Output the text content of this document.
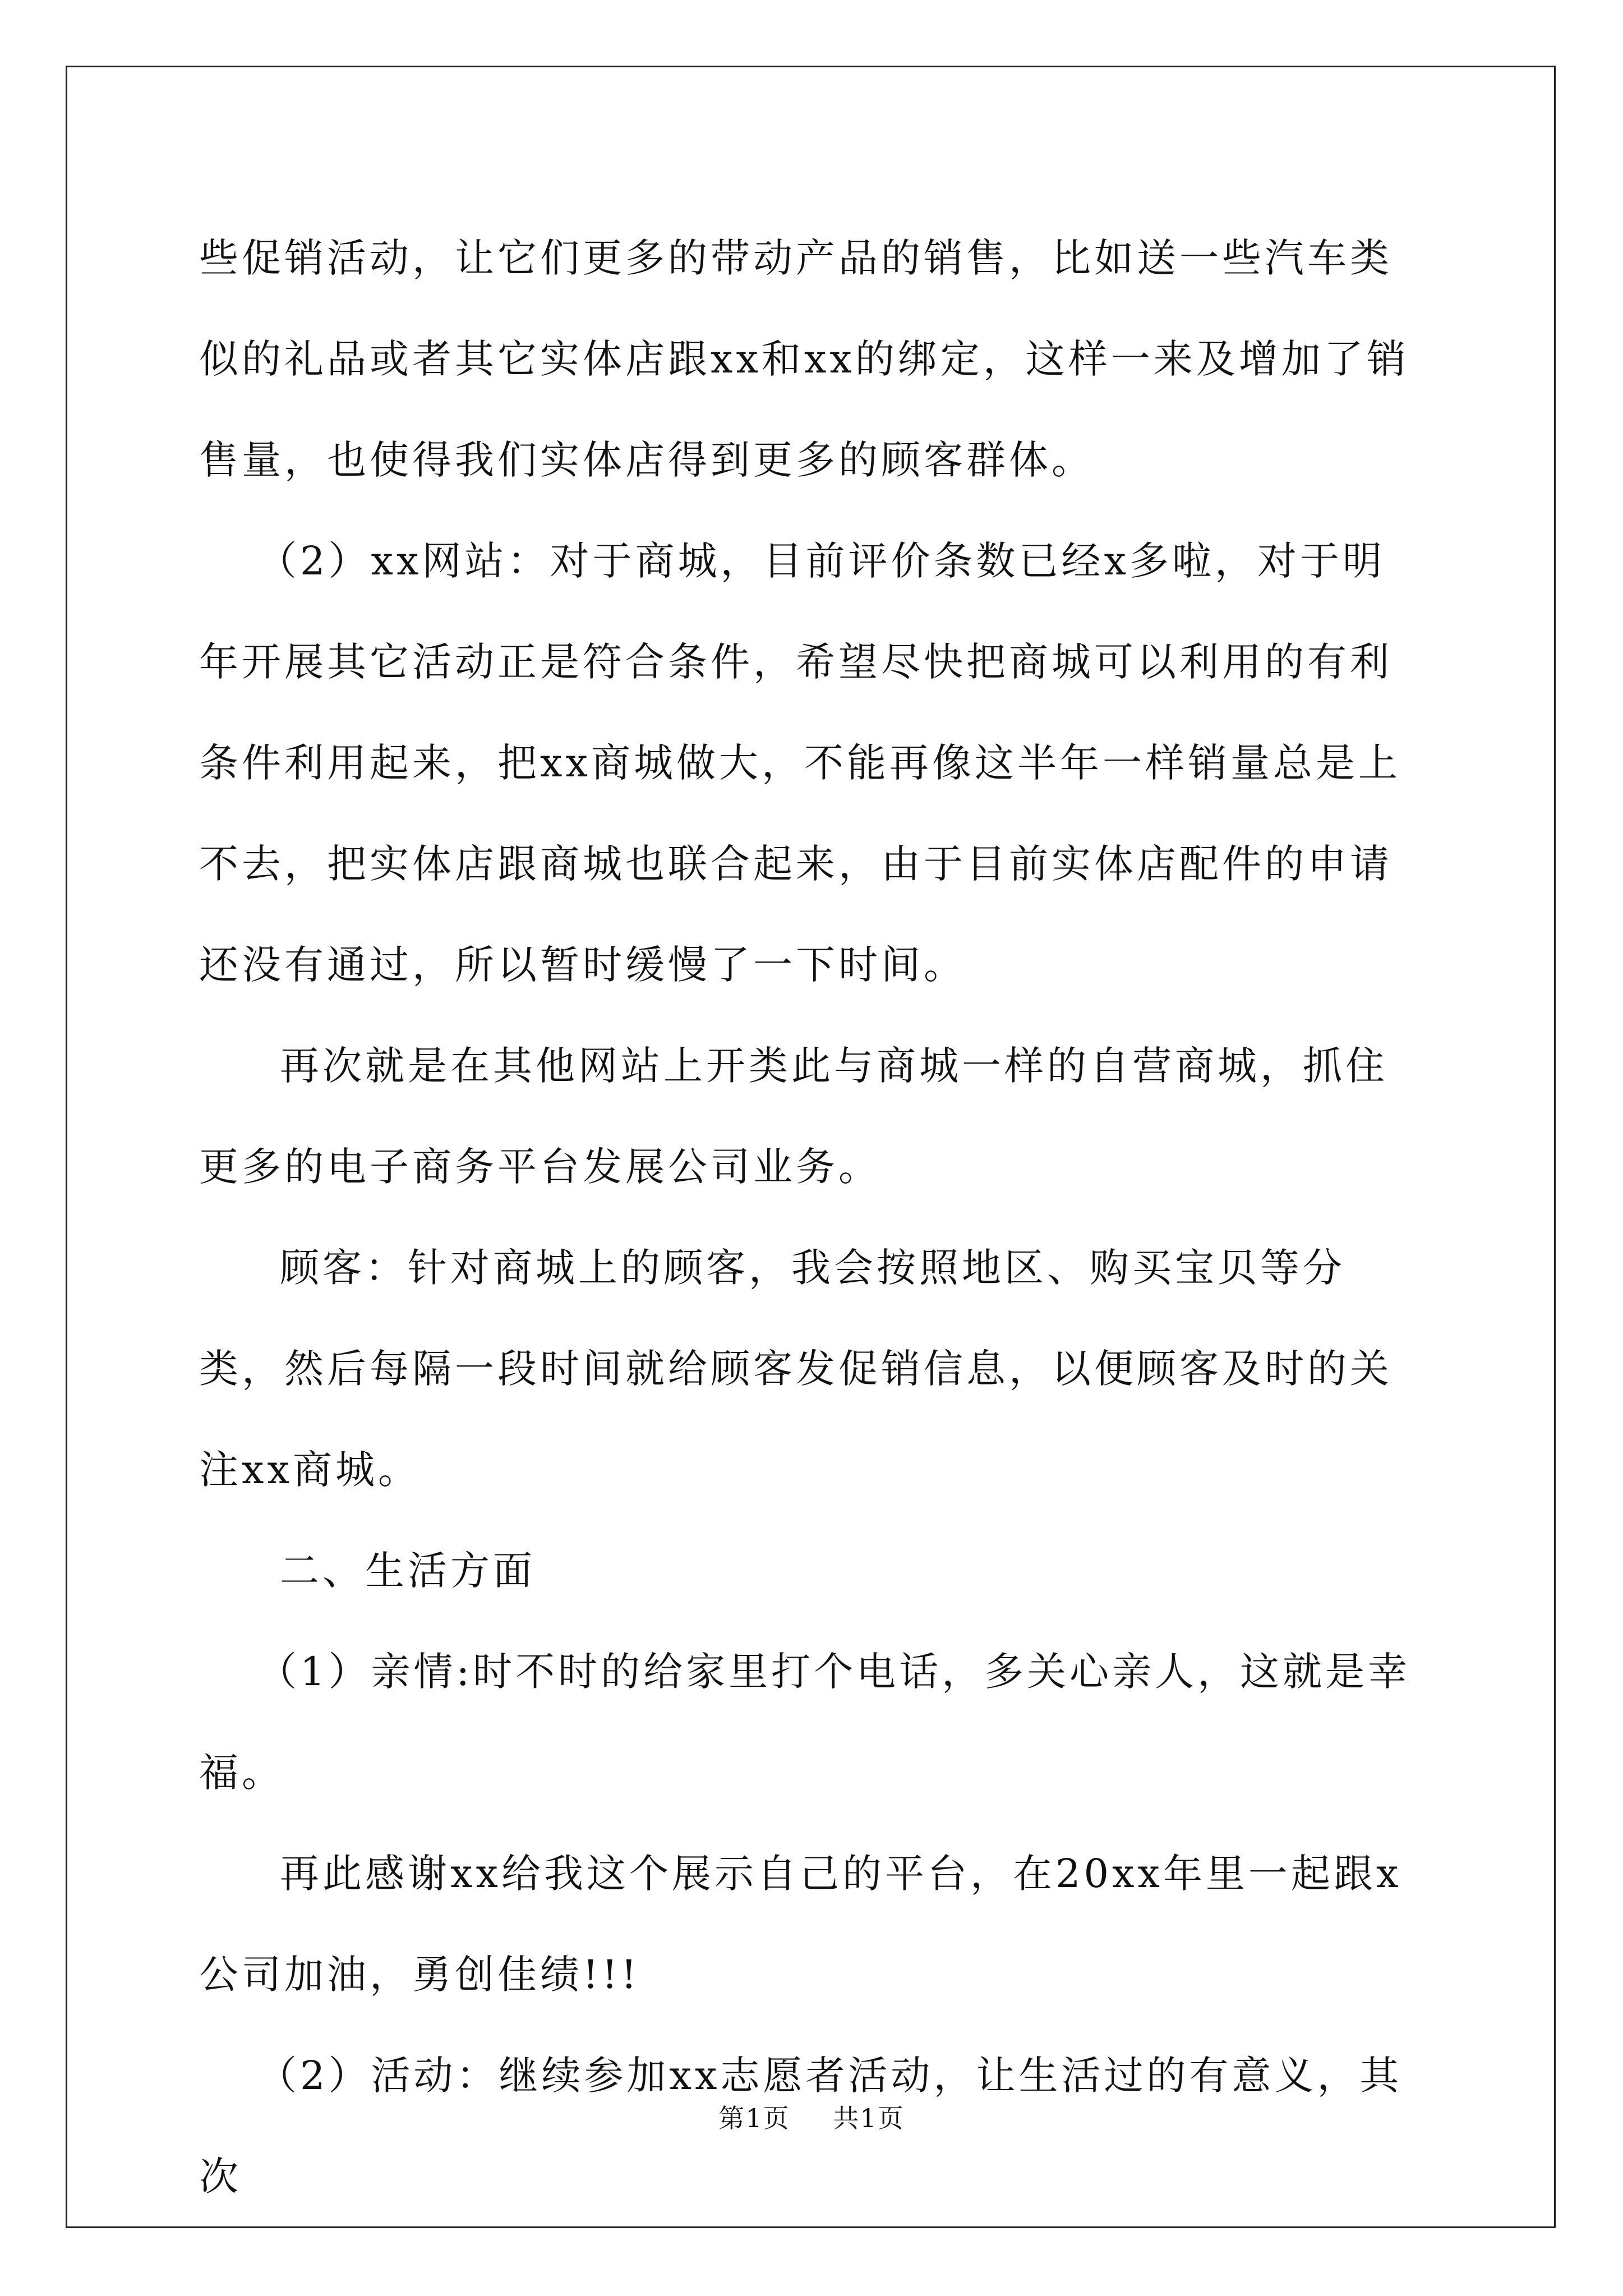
些促销活动，让它们更多的带动产品的销售，比如送一些汽车类似的礼品或者其它实体店跟xx和xx的绑定，这样一来及增加了销售量，也使得我们实体店得到更多的顾客群体。

（2）xx网站：对于商城，目前评价条数已经x多啦，对于明年开展其它活动正是符合条件，希望尽快把商城可以利用的有利条件利用起来，把xx商城做大，不能再像这半年一样销量总是上不去，把实体店跟商城也联合起来，由于目前实体店配件的申请还没有通过，所以暂时缓慢了一下时间。

再次就是在其他网站上开类此与商城一样的自营商城，抓住更多的电子商务平台发展公司业务。

顾客：针对商城上的顾客，我会按照地区、购买宝贝等分类，然后每隔一段时间就给顾客发促销信息，以便顾客及时的关注xx商城。

二、生活方面

（1）亲情:时不时的给家里打个电话，多关心亲人，这就是幸福。

再此感谢xx给我这个展示自己的平台，在20xx年里一起跟x公司加油，勇创佳绩!!!

（2）活动：继续参加xx志愿者活动，让生活过的有意义，其次

第1页 共1页
